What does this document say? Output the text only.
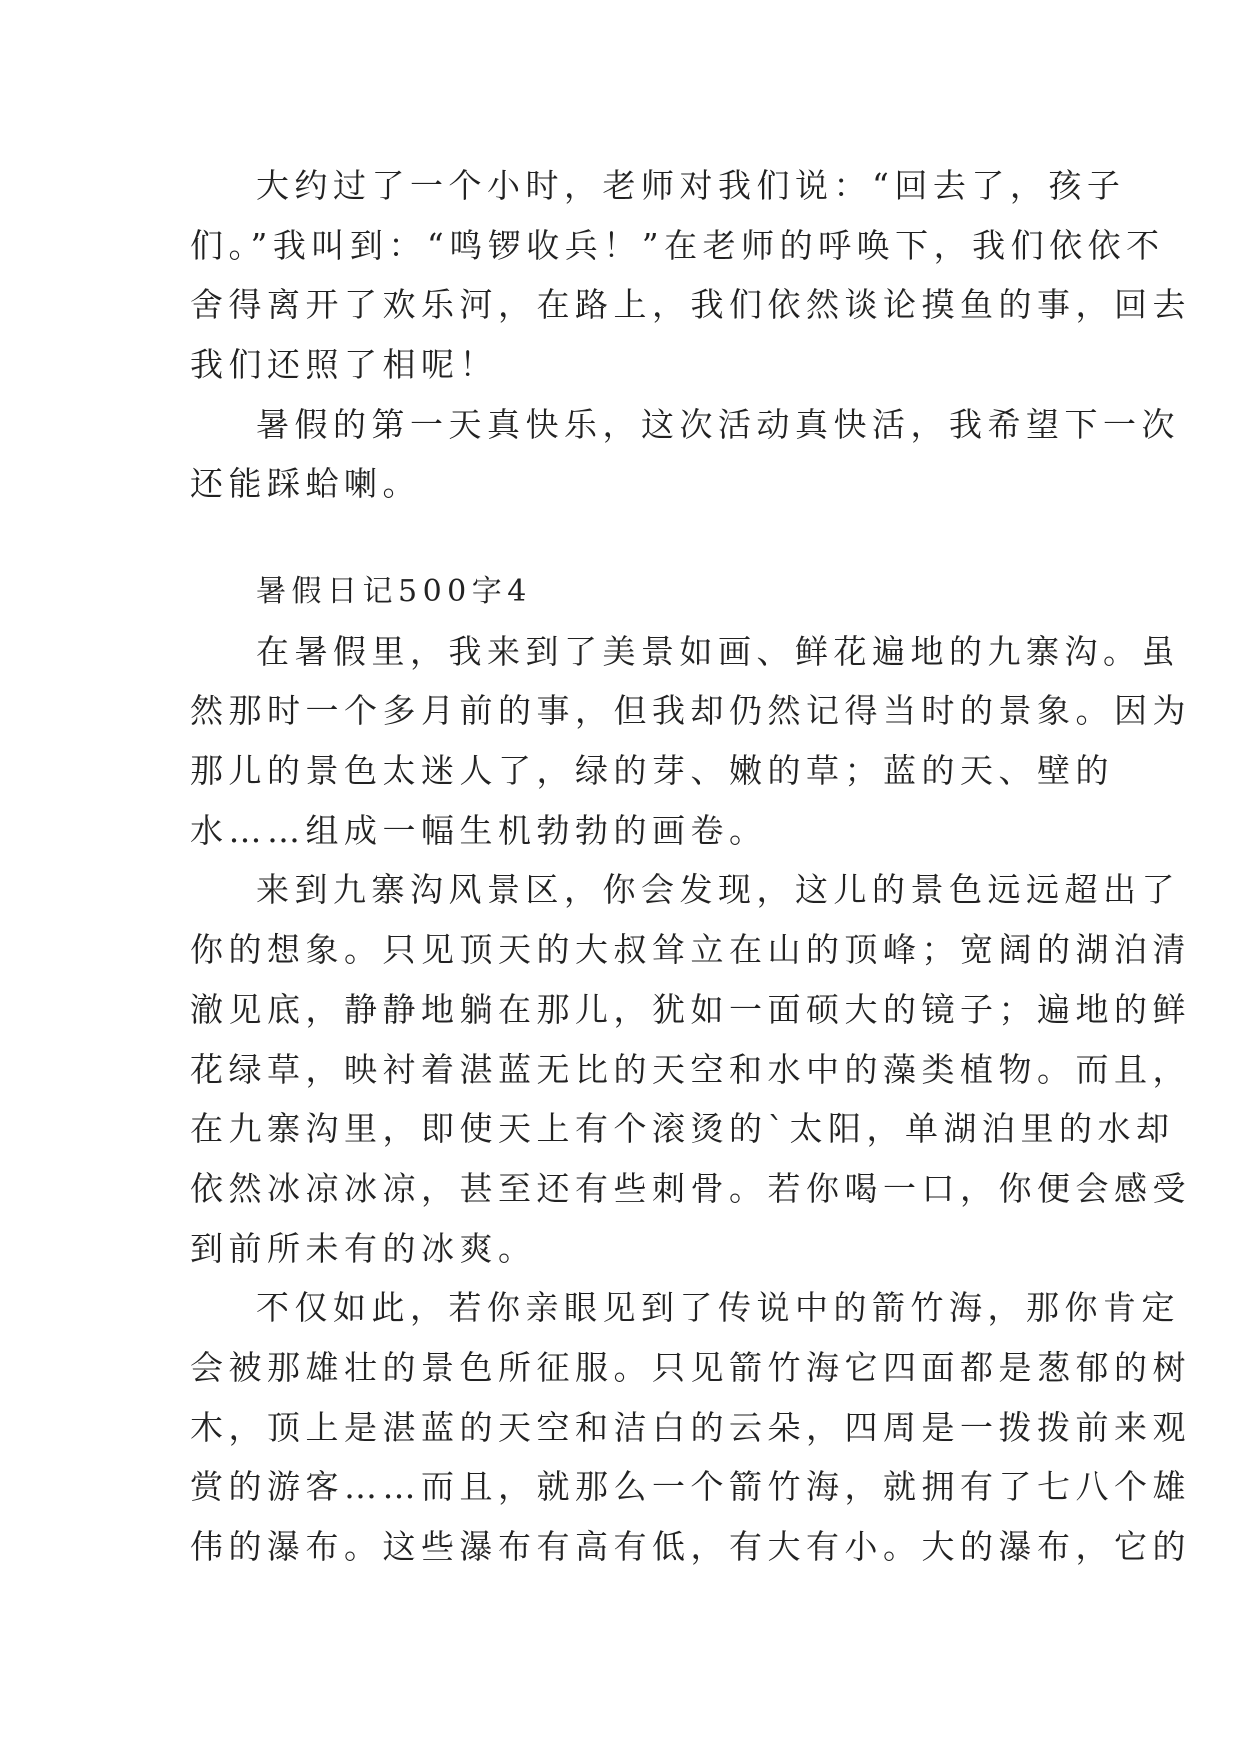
大约过了一个小时，老师对我们说：“回去了，孩子

们。”我叫到：“鸣锣收兵！”在老师的呼唤下，我们依依不

舍得离开了欢乐河，在路上，我们依然谈论摸鱼的事，回去

我们还照了相呢！

暑假的第一天真快乐，这次活动真快活，我希望下一次

还能踩蛤喇。

暑假日记500字4

在暑假里，我来到了美景如画、鲜花遍地的九寨沟。虽

然那时一个多月前的事，但我却仍然记得当时的景象。因为

那儿的景色太迷人了，绿的芽、嫩的草；蓝的天、壁的

水……组成一幅生机勃勃的画卷。

来到九寨沟风景区，你会发现，这儿的景色远远超出了

你的想象。只见顶天的大叔耸立在山的顶峰；宽阔的湖泊清

澈见底，静静地躺在那儿，犹如一面硕大的镜子；遍地的鲜

花绿草，映衬着湛蓝无比的天空和水中的藻类植物。而且，

在九寨沟里，即使天上有个滚烫的`太阳，单湖泊里的水却

依然冰凉冰凉，甚至还有些刺骨。若你喝一口，你便会感受

到前所未有的冰爽。

不仅如此，若你亲眼见到了传说中的箭竹海，那你肯定

会被那雄壮的景色所征服。只见箭竹海它四面都是葱郁的树

木，顶上是湛蓝的天空和洁白的云朵，四周是一拨拨前来观

赏的游客……而且，就那么一个箭竹海，就拥有了七八个雄

伟的瀑布。这些瀑布有高有低，有大有小。大的瀑布，它的
